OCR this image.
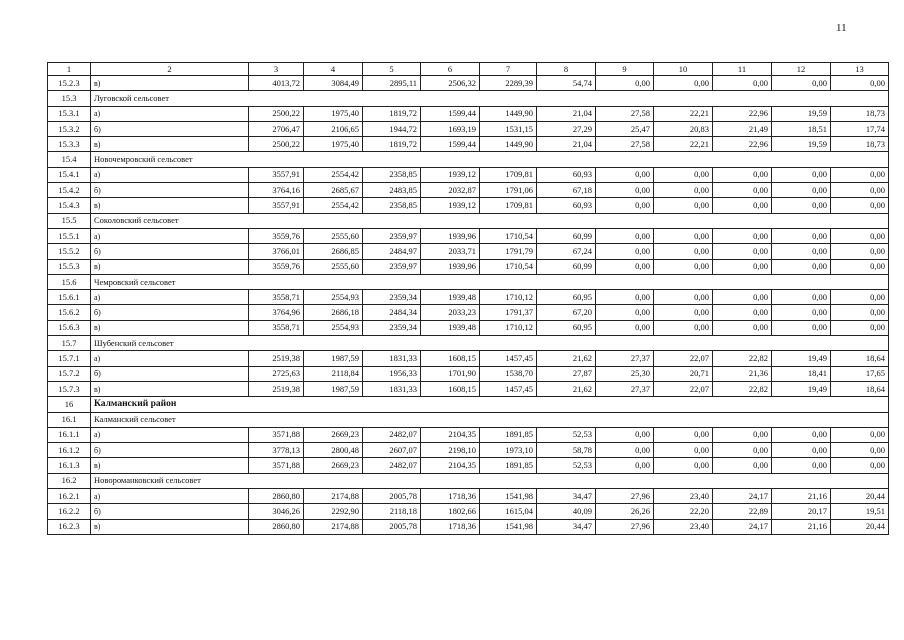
11
1	2	3	4	5	6	7	8	9	10	11	12	13
15.2.3	в)	4013,72	3084,49	2895,11	2506,32	2289,39	54,74	0,00	0,00	0,00	0,00	0,00
15.3	Луговской сельсовет											
15.3.1	а)	2500,22	1975,40	1819,72	1599,44	1449,90	21,04	27,58	22,21	22,96	19,59	18,73
15.3.2	б)	2706,47	2106,65	1944,72	1693,19	1531,15	27,29	25,47	20,83	21,49	18,51	17,74
15.3.3	в)	2500,22	1975,40	1819,72	1599,44	1449,90	21,04	27,58	22,21	22,96	19,59	18,73
15.4	Новочемровский сельсовет											
15.4.1	а)	3557,91	2554,42	2358,85	1939,12	1709,81	60,93	0,00	0,00	0,00	0,00	0,00
15.4.2	б)	3764,16	2685,67	2483,85	2032,87	1791,06	67,18	0,00	0,00	0,00	0,00	0,00
15.4.3	в)	3557,91	2554,42	2358,85	1939,12	1709,81	60,93	0,00	0,00	0,00	0,00	0,00
15.5	Соколовский сельсовет											
15.5.1	а)	3559,76	2555,60	2359,97	1939,96	1710,54	60,99	0,00	0,00	0,00	0,00	0,00
15.5.2	б)	3766,01	2686,85	2484,97	2033,71	1791,79	67,24	0,00	0,00	0,00	0,00	0,00
15.5.3	в)	3559,76	2555,60	2359,97	1939,96	1710,54	60,99	0,00	0,00	0,00	0,00	0,00
15.6	Чемровский сельсовет											
15.6.1	а)	3558,71	2554,93	2359,34	1939,48	1710,12	60,95	0,00	0,00	0,00	0,00	0,00
15.6.2	б)	3764,96	2686,18	2484,34	2033,23	1791,37	67,20	0,00	0,00	0,00	0,00	0,00
15.6.3	в)	3558,71	2554,93	2359,34	1939,48	1710,12	60,95	0,00	0,00	0,00	0,00	0,00
15.7	Шубенский сельсовет											
15.7.1	а)	2519,38	1987,59	1831,33	1608,15	1457,45	21,62	27,37	22,07	22,82	19,49	18,64
15.7.2	б)	2725,63	2118,84	1956,33	1701,90	1538,70	27,87	25,30	20,71	21,36	18,41	17,65
15.7.3	в)	2519,38	1987,59	1831,33	1608,15	1457,45	21,62	27,37	22,07	22,82	19,49	18,64
16	Калманский район											
16.1	Калманский сельсовет											
16.1.1	а)	3571,88	2669,23	2482,07	2104,35	1891,85	52,53	0,00	0,00	0,00	0,00	0,00
16.1.2	б)	3778,13	2800,48	2607,07	2198,10	1973,10	58,78	0,00	0,00	0,00	0,00	0,00
16.1.3	в)	3571,88	2669,23	2482,07	2104,35	1891,85	52,53	0,00	0,00	0,00	0,00	0,00
16.2	Новороманковский сельсовет											
16.2.1	а)	2860,80	2174,88	2005,78	1718,36	1541,98	34,47	27,96	23,40	24,17	21,16	20,44
16.2.2	б)	3046,26	2292,90	2118,18	1802,66	1615,04	40,09	26,26	22,20	22,89	20,17	19,51
16.2.3	в)	2860,80	2174,88	2005,78	1718,36	1541,98	34,47	27,96	23,40	24,17	21,16	20,44
